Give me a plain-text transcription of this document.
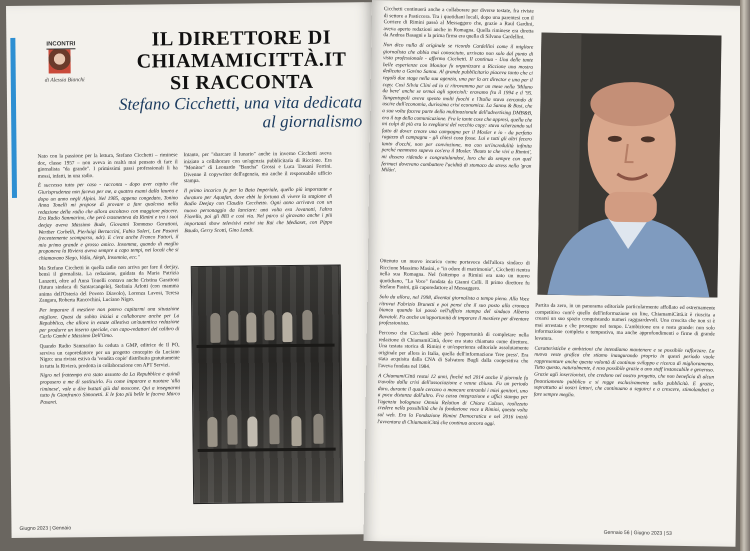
INCONTRI
di Alessia Bianchi
IL DIRETTORE DI
CHIAMAMICITTÀ.IT
SI RACCONTA
Stefano Cicchetti, una vita dedicata al giornalismo

Nato con la passione per la lettura, Stefano Cicchetti – riminese doc, classe 1957 – non aveva in realtà mai pensato di fare il giornalista "da grande". I primissimi passi professionali li ha mossi, infatti, in una radio.

È successo tutto per caso - racconta - dopo aver capito che Giurisprudenza non faceva per me, a quattro esami dalla laurea e dopo un anno negli Alpini. Nel 1985, appena congedato, Tonino Anna Tonelli mi propose di provare a fare qualcosa nella redazione della radio che allora ascoltavo con maggiore piacere. Era Radio Sanmarino, che però trasmetteva da Rimini e tra i suoi deejay aveva Massimo Bude, Giovanni Tommaso Garattoni, Werther Corbelli, Pierluigi Bertaccini, Fabio Soleri, Lea Pasarei (recentemente scomparso, ndr). E c'era anche Franco Fattori, il mio primo grande e grosso amico. Insomma, quando di meglio proponeva la Riviera aveva sempre a capo tempi, nei locali che si chiamavano Slego, Vidia, Aleph, Insomnia, ecc."

Ma Stefano Cicchetti in quella radio non arriva per fare il deejay, bensì il giornalista. La redazione, guidata da Maria Patrizia Lanzetti, oltre ad Anna Tonelli contava anche Cristina Garattoni (futura sindaca di Santarcangelo), Stefania Arlotti (con mamma anima dell'Osteria del Povero Diavolo), Lorenza Lavosi, Teresa Zangara, Roberta Rancochini, Luciano Nigro.

Per imparare il mestiere non potevo capitarmi una situazione migliore. Quasi da subito iniziai a collaborare anche per La Repubblica, che allora in estate allestiva un'autentica redazione per produrre un inserto speciale, con capo-redattori del calibro di Carlo Cambi e Massimo Dell'Omo.

Quando Radio Sanmarino fu ceduta a GMP, editrice de Il PO, serviva un caporedattore per un progetto concepito da Luciano Nigro: una rivista estiva da 'vendita copie' distribuita gratuitamente in tutta la Riviera, prodotta in collaborazione con APT Servizi.

Nigro nel frattempo era stato assunto da La Repubblica e quindi proposero a me di sostituirlo. Fu come imparare a nuotare 'alla riminese', vale a dire buttati giù dal moscone. Qui a insegnarmi tutto fu Gianfranco Simonetti. E le foto più belle le faceva Marco Pasarei.

Intanto, per "sbarcare il lunario" anche in inverno Cicchetti aveva iniziato a collaborare con un'agenzia pubblicitaria di Riccione. Era "Monitor" di Leonardo "Bancha" Grossi e Luca Tassani Ferrini. Divenne il copywriter dell'agenzia, ma anche il responsabile ufficio stampa.

Il primo incarico fu per la Baia Imperiale, quello più importante e duraturo per Aquafan, dove ebbi la fortuna di vivere la stagione di Radio Deejay con Claudio Cecchetto. Ogni anno arrivava con un nuovo personaggio da lanciare: una volta era Jovanotti, l'altra Fiorello, poi gli 883 e così via. Nel parco si giravano anche i più importanti show televisivi estivi sia Rai che Mediaset, con Pippo Baudo, Gerry Scotti, Gino Landi.

Giugno 2023 | Gennaio

Cicchetti continuerà anche a collaborare per diverse testate, fra riviste di settore a Pasticcera. Tra i quotidiani locali, dopo una parentesi con il Corriere di Rimini passò al Messaggero che, grazie a Raul Gardini, aveva aperto redazioni anche in Romagna. Quella riminese era diretta da Andrea Basagni e la prima firma era quella di Silvano Cardellini.

Non dico nulla di originale se ricordo Cardellini come il migliore giornalista che abbia mai conosciuto, arrivato non solo dal punto di vista professionale - afferma Cicchetti. Il continua - Una delle tante belle esperienze con Monitor fu organizzare a Riccione una mostra dedicata a Gavino Sanna. Al grande pubblicitario piaceva tanto che ci regalò due stage nella sua agenzia, una per la art director e una per il copy. Così Silvia Clini ed io ci ritrovammo per un mese nella 'Milano da bere' anche se ormai agli sgoccioli: eravamo fra il 1994 e il '95. Tangentopoli aveva spento molti fuochi e l'Italia stava cercando di uscire dall'economia, durissima crisi economica. La Sanna & Busi, che a sua volta faceva parte della multinazionale dell'advertising DMB&B, era il top della comunicazione. Fra le tante cose che appresi, quella che mi colpì di più era lo svegliarsi del vecchio copy: stava scherzando sul fatto di dover creare una campagna per il Mosler e io - da perfetto ragazzo di campagna - gli chiesi cosa fosse. Lui e tutti gli altri fecero tanto d'occhi, non per convinzione, ma con un'incredulità infinita perché nemmeno sapevo cos'era il Mosler. 'Beato te che vivi a Rimini', mi dissero ridendo e congratulandosi, loro che da sempre con quel fermaci dovevano combattere l'acidità di stomaco da stress nella 'gran Milàn'.

Ottenuto un nuovo incarico come portavoce dell'allora sindaco di Riccione Massimo Masini, e "in odore di matrimonio", Cicchetti rientra nella sua Romagna. Nel frattempo a Rimini era nato un nuovo quotidiano, "La Voce" fondata da Gianni Celli. Il primo direttore fu Stefano Pasini, già caporedattore al Messaggero.

Solo da allora, nel 1998, diventai giornalista a tempo pieno. Alla Voce ritrovai Fabrizio Brunetti e poi pensi che il suo posto alla cronaca bianca quando lui passò nell'ufficio stampa del sindaco Alberto Ravaioli. Fu anche un'opportunità di imparare il mestiere per diventare professionista.

Percorso che Cicchetti ebbe però l'opportunità di completare nella redazione di ChiamamiCittà, dove era stato chiamato come direttore. Una testata storica di Rimini e un'esperienza editoriale assolutamente originale per allora in Italia, quella dell'informazione 'free press'. Era stata acquisita dalla CNA di Salvatore Bugli dalla cooperativa che l'aveva fondata nel 1984.

A ChiamamiCittà restai 12 anni, finché nel 2014 anche il giornale fu travolto dalla crisi dell'associazione e venne chiuso. Fu un periodo duro, durante il quale cercavo a mancare entrambi i miei genitori, uno a poca distanza dall'altro. Fra cassa integrazione e uffici stampa per l'agenzia bolognese Omnia Relation di Chiara Calzon, realizzato credere nella possibilità che la fondazione voce a Rimini, questa volta sul web. Era la Fondazione Rimini Democratica e nel 2016 iniziò l'avventura di ChiamamiCittà che continua ancora oggi.

Partita da zero, in un panorama editoriale particolarmente affollato ed estremamente competitivo com'è quello dell'informazione on line, ChiamamiCittà.it è riuscita a crearsi un suo spazio conquistando numeri ragguardevoli. Una crescita che non si è mai arrestata e che prosegue nel tempo. L'ambizione era e resta grande: non solo informazione completa e tempestiva, ma anche approfondimenti e firme di grande levatura.

Caratteristiche e ambizioni che intendiamo mantenere e se possibile rafforzare. La nuova veste grafica che stiamo inaugurando proprio in questi periodo vuole rappresentare anche questa volontà di continuo sviluppo e ricerca di miglioramento. Tutto questo, naturalmente, è reso possibile grazie a uno staff instancabile e generoso. Grazie agli inserzionisti, che credono nel nostro progetto, che non beneficia di alcun finanziamento pubblico e si regge esclusivamente sulla pubblicità. E grazie, soprattutto ai nostri lettori, che continuano a seguirci e a crescere, stimolandoci a fare sempre meglio.

Gennaio 56 | Giugno 2023 | 53
